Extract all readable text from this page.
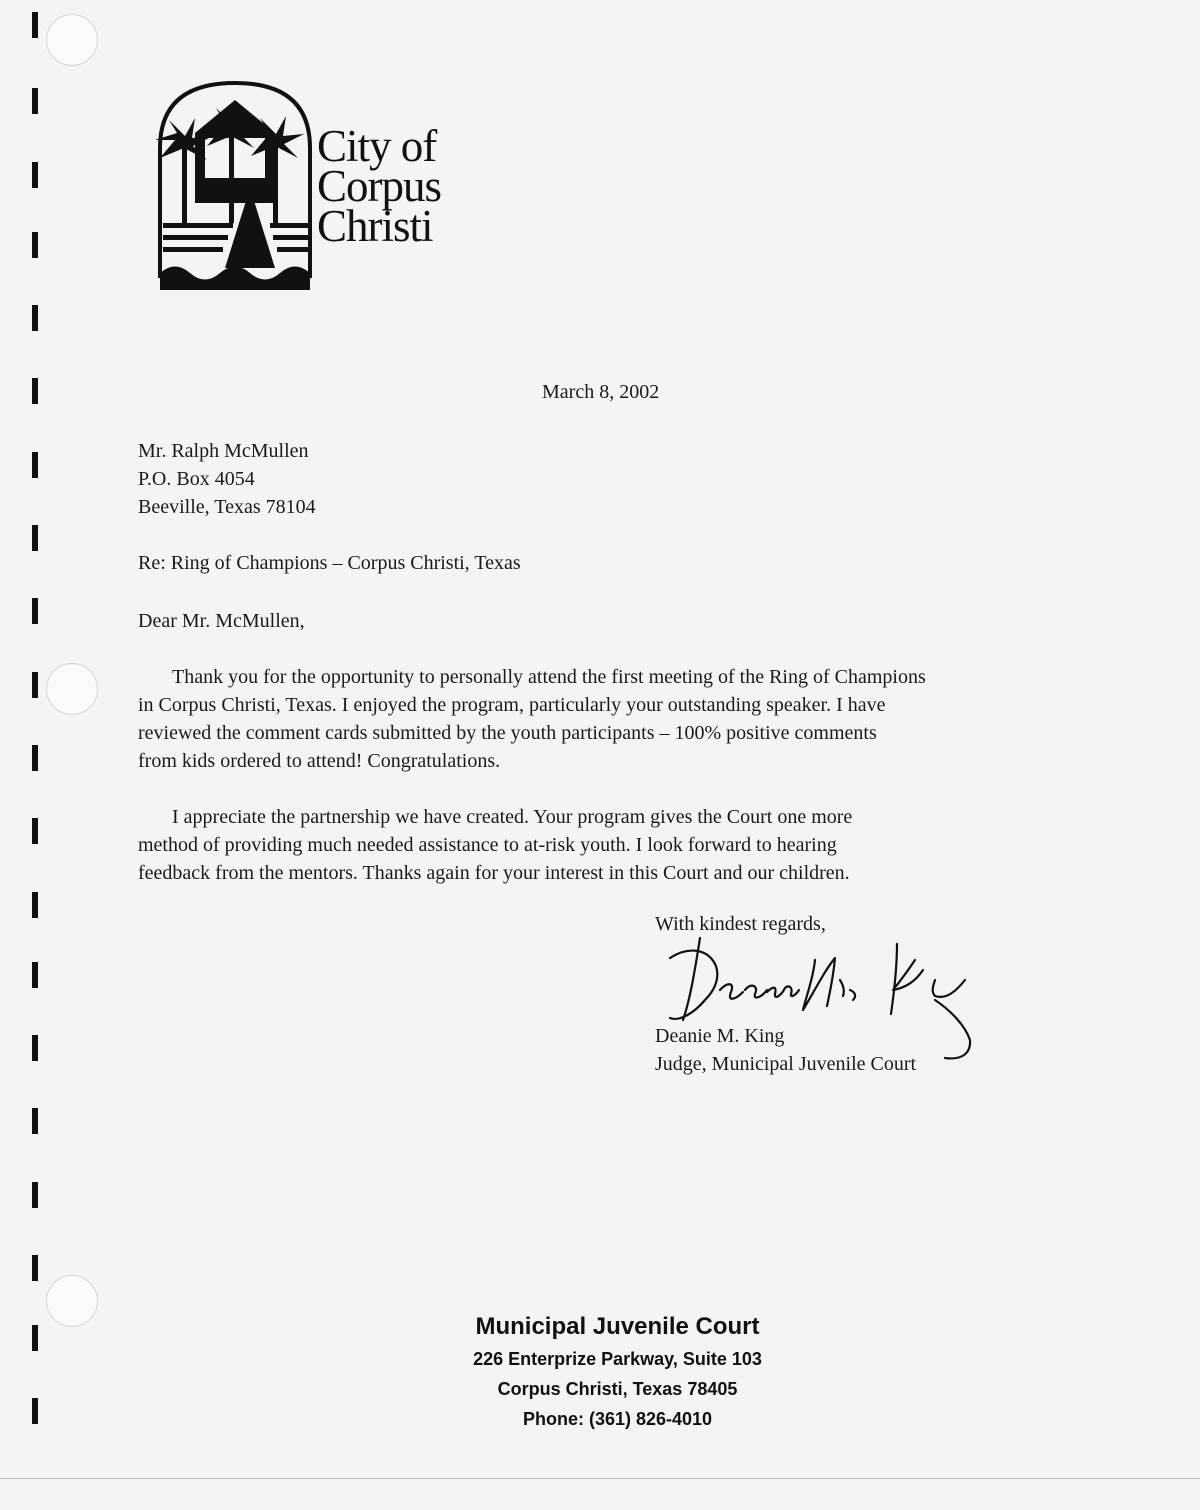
City of
Corpus
Christi
March 8, 2002
Mr. Ralph McMullen
P.O. Box 4054
Beeville, Texas 78104
Re: Ring of Champions – Corpus Christi, Texas
Dear Mr. McMullen,
Thank you for the opportunity to personally attend the first meeting of the Ring of Champions
in Corpus Christi, Texas. I enjoyed the program, particularly your outstanding speaker. I have
reviewed the comment cards submitted by the youth participants – 100% positive comments
from kids ordered to attend! Congratulations.
I appreciate the partnership we have created. Your program gives the Court one more
method of providing much needed assistance to at-risk youth. I look forward to hearing
feedback from the mentors. Thanks again for your interest in this Court and our children.
With kindest regards,
Deanie M. King
Judge, Municipal Juvenile Court
Municipal Juvenile Court
226 Enterprize Parkway, Suite 103
Corpus Christi, Texas 78405
Phone: (361) 826-4010
